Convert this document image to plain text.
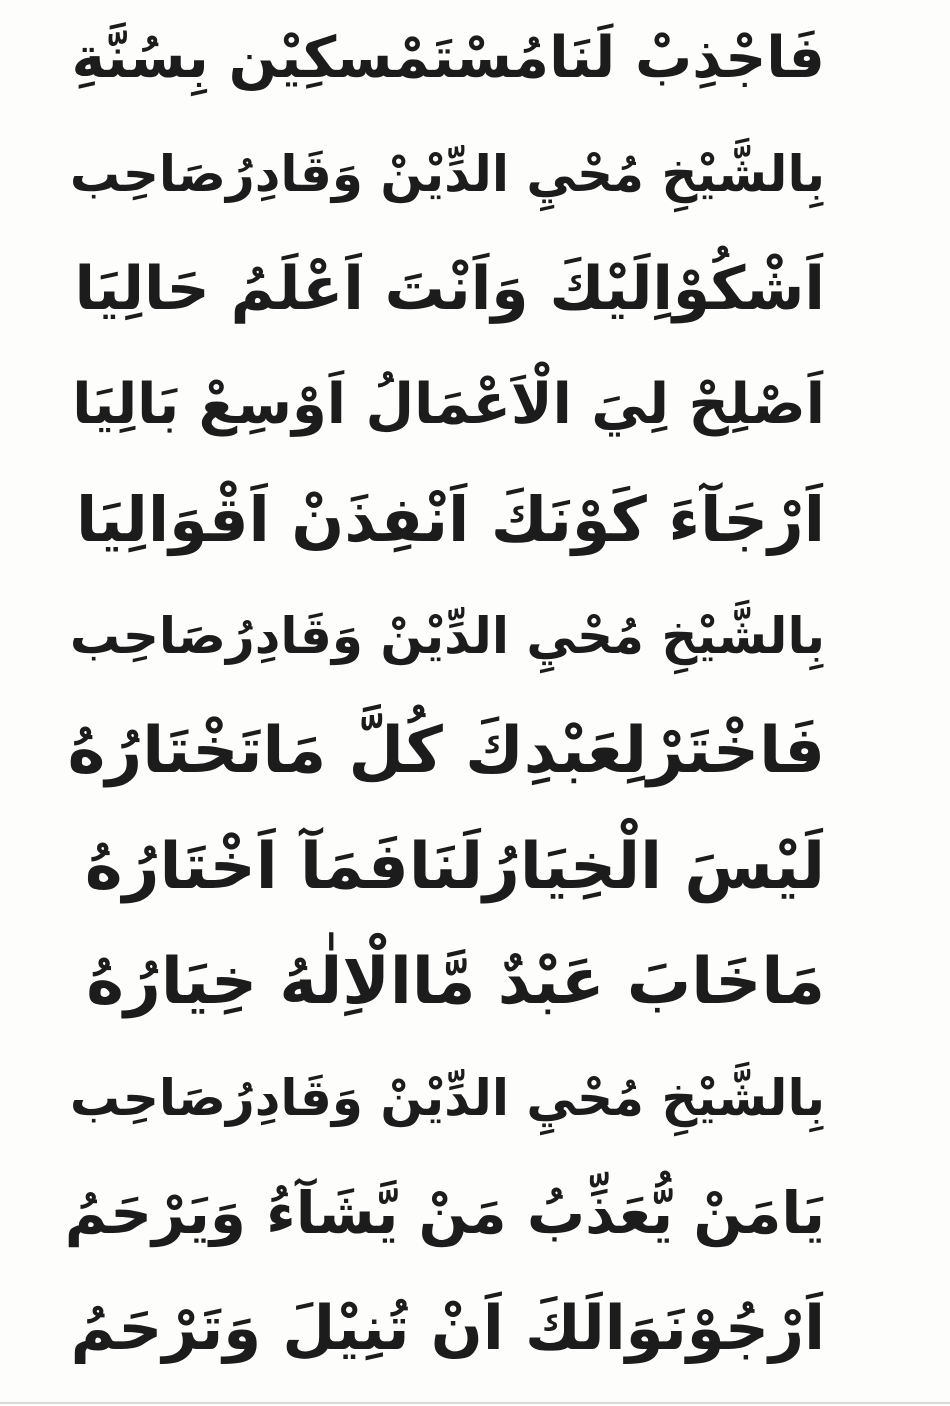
فَاجْذِبْ لَنَامُسْتَمْسكِيْن بِسُنَّةِ
بِالشَّيْخِ مُحْيِ الدِّيْنْ وَقَادِرُصَاحِب
اَشْكُوْاِلَيْكَ وَاَنْتَ اَعْلَمُ حَالِيَا
اَصْلِحْ لِيَ الْاَعْمَالُ اَوْسِعْ بَالِيَا
اَرْجَآءَ كَوْنَكَ اَنْفِذَنْ اَقْوَالِيَا
بِالشَّيْخِ مُحْيِ الدِّيْنْ وَقَادِرُصَاحِب
فَاخْتَرْلِعَبْدِكَ كُلَّ مَاتَخْتَارُهُ
لَيْسَ الْخِيَارُلَنَافَمَآ اَخْتَارُهُ
مَاخَابَ عَبْدٌ مَّاالْاِلٰهُ خِيَارُهُ
بِالشَّيْخِ مُحْيِ الدِّيْنْ وَقَادِرُصَاحِب
يَامَنْ يُّعَذِّبُ مَنْ يَّشَآءُ وَيَرْحَمُ
اَرْجُوْنَوَالَكَ اَنْ تُنِيْلَ وَتَرْحَمُ
